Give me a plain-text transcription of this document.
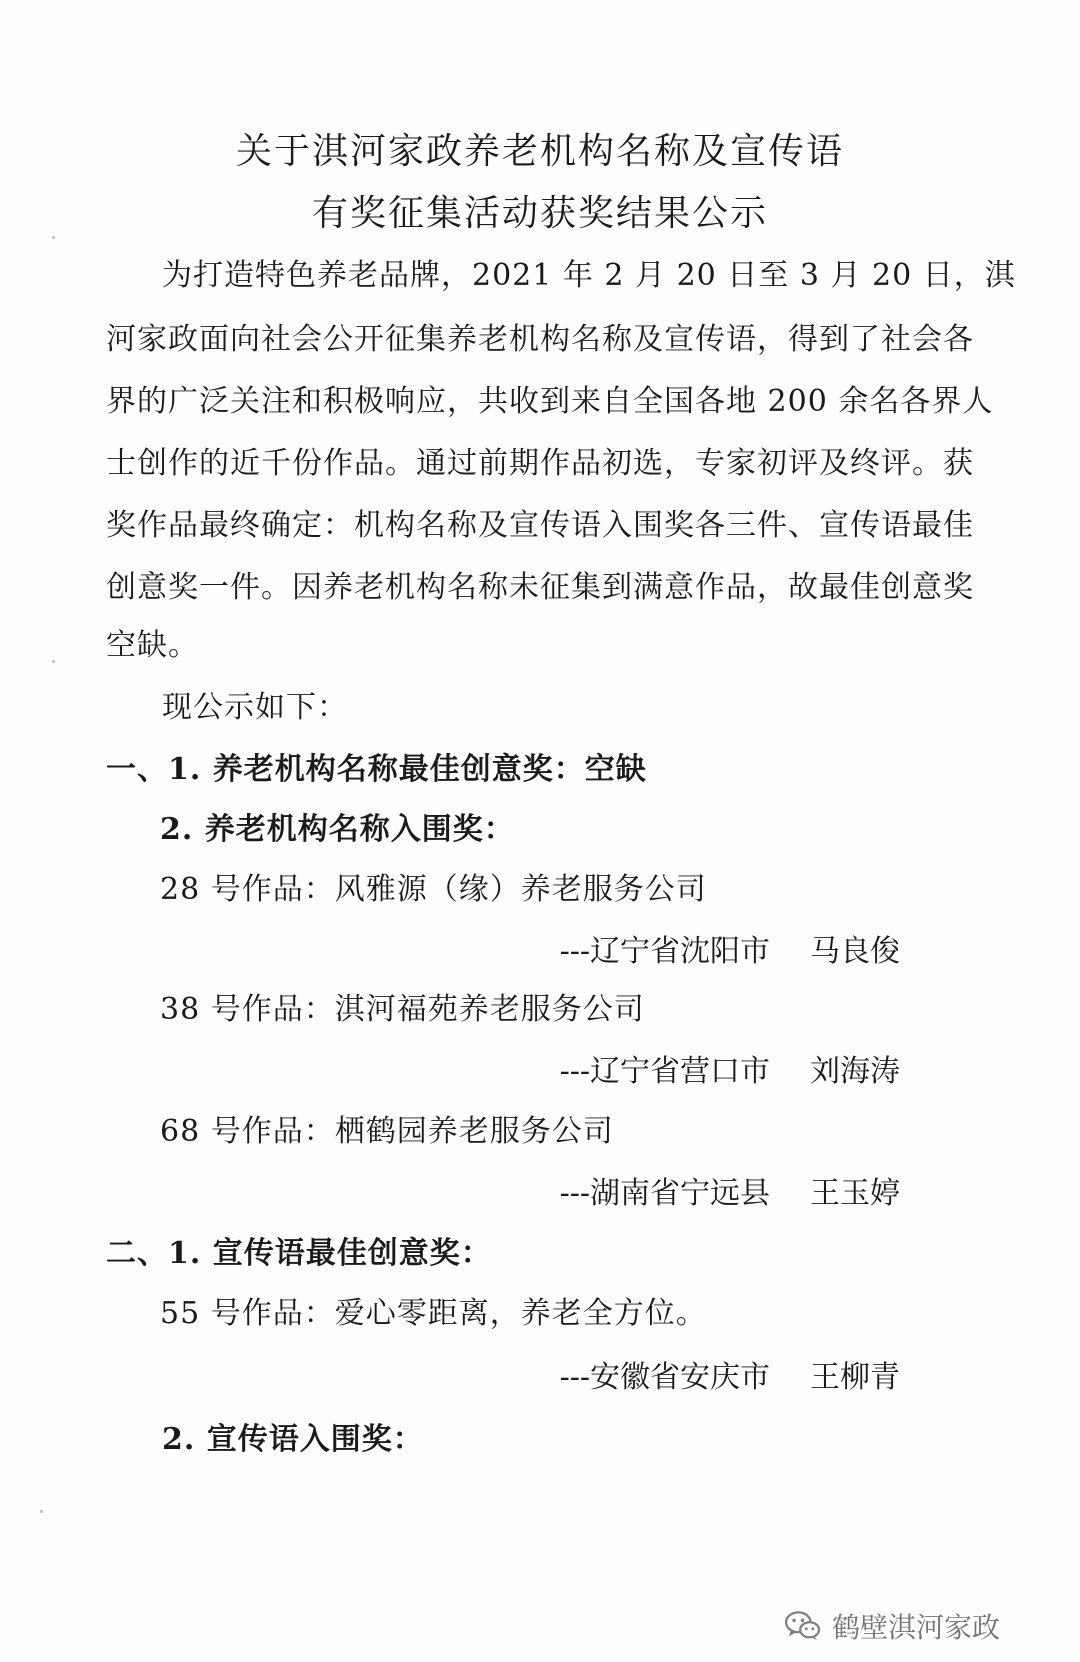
关于淇河家政养老机构名称及宣传语
有奖征集活动获奖结果公示
为打造特色养老品牌，2021 年 2 月 20 日至 3 月 20 日，淇
河家政面向社会公开征集养老机构名称及宣传语，得到了社会各
界的广泛关注和积极响应，共收到来自全国各地 200 余名各界人
士创作的近千份作品。通过前期作品初选，专家初评及终评。获
奖作品最终确定：机构名称及宣传语入围奖各三件、宣传语最佳
创意奖一件。因养老机构名称未征集到满意作品，故最佳创意奖
空缺。
现公示如下：
一、1. 养老机构名称最佳创意奖：空缺
2. 养老机构名称入围奖：
28 号作品：风雅源（缘）养老服务公司
---辽宁省沈阳市 马良俊
38 号作品：淇河福苑养老服务公司
---辽宁省营口市 刘海涛
68 号作品：栖鹤园养老服务公司
---湖南省宁远县 王玉婷
二、1. 宣传语最佳创意奖：
55 号作品：爱心零距离，养老全方位。
---安徽省安庆市 王柳青
2. 宣传语入围奖：
鹤壁淇河家政
